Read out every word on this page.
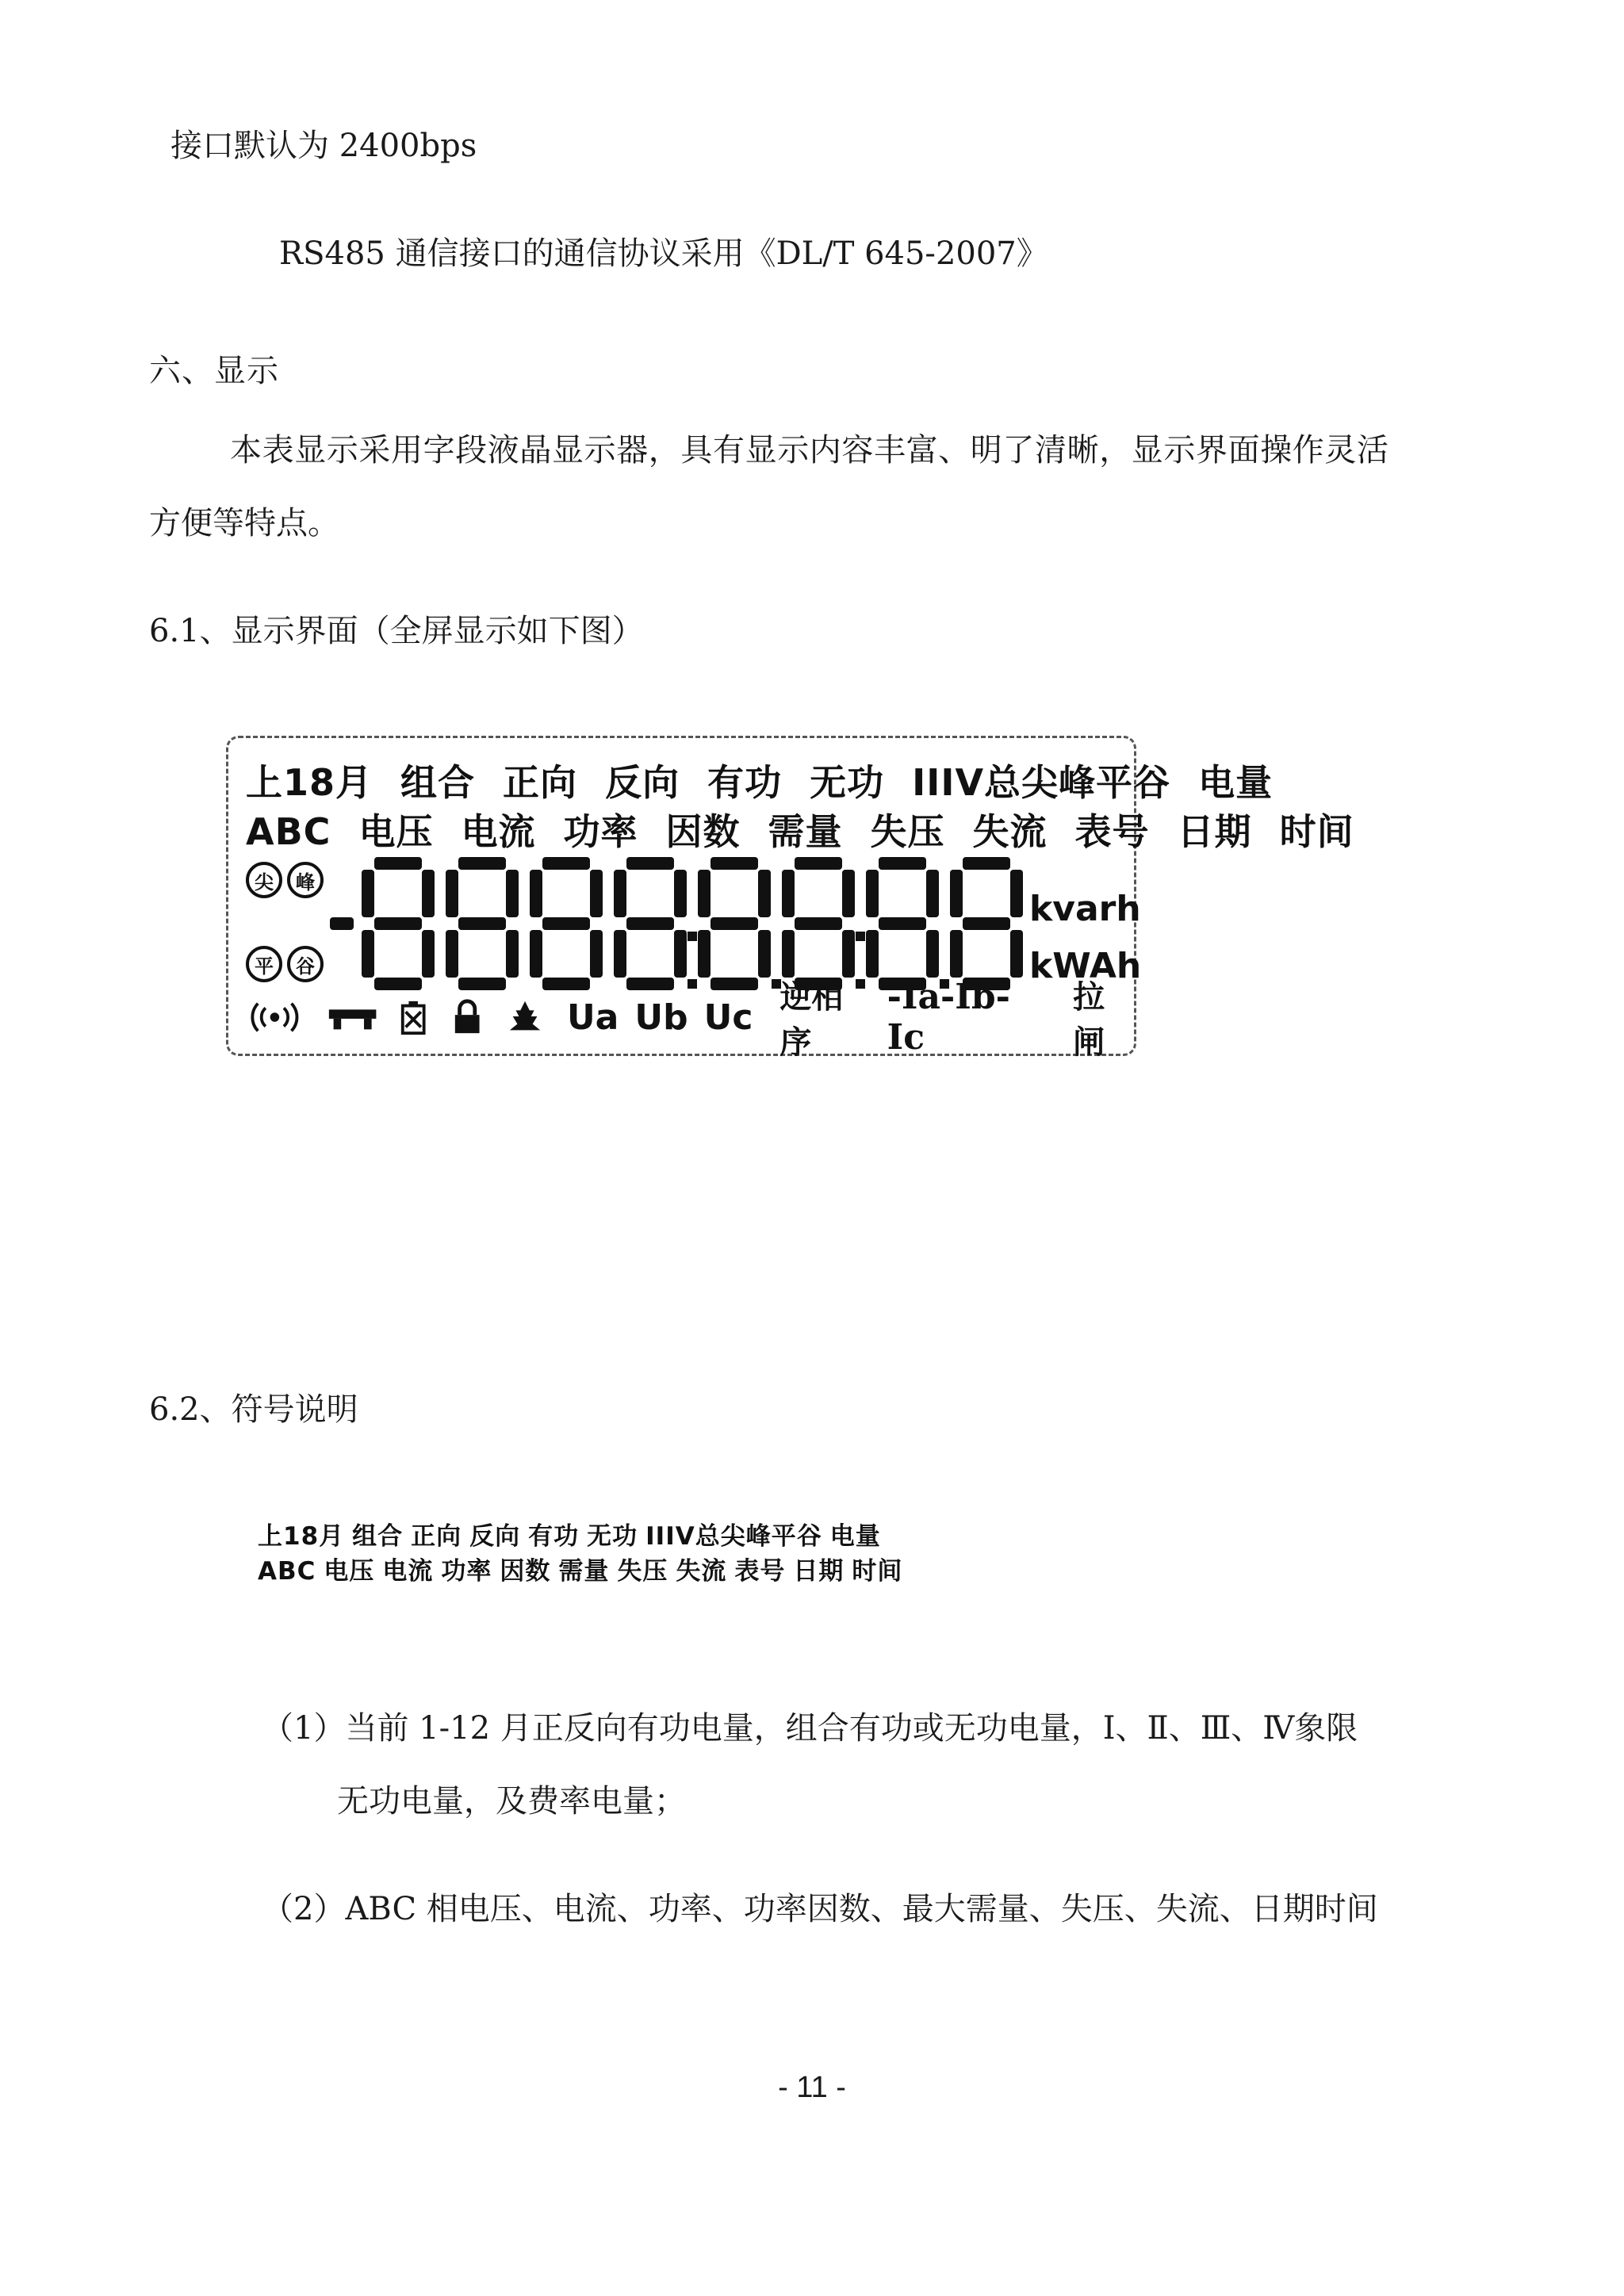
接口默认为 2400bps
RS485 通信接口的通信协议采用《DL/T 645-2007》
六、显示
本表显示采用字段液晶显示器，具有显示内容丰富、明了清晰，显示界面操作灵活
方便等特点。
6.1、显示界面（全屏显示如下图）
上18月 组合 正向 反向 有功 无功 IIIV总尖峰平谷 电量
ABC 电压 电流 功率 因数 需量 失压 失流 表号 日期 时间
尖	峰
平	谷
kvarh
kWAh
Ua Ub Uc 逆相序
-Ia-Ib-Ic
拉闸
6.2、符号说明
上18月 组合 正向 反向 有功 无功 IIIV总尖峰平谷 电量
ABC 电压 电流 功率 因数 需量 失压 失流 表号 日期 时间
（1）当前 1-12 月正反向有功电量，组合有功或无功电量，Ⅰ、Ⅱ、Ⅲ、Ⅳ象限
无功电量，及费率电量；
（2）ABC 相电压、电流、功率、功率因数、最大需量、失压、失流、日期时间
- 11 -
